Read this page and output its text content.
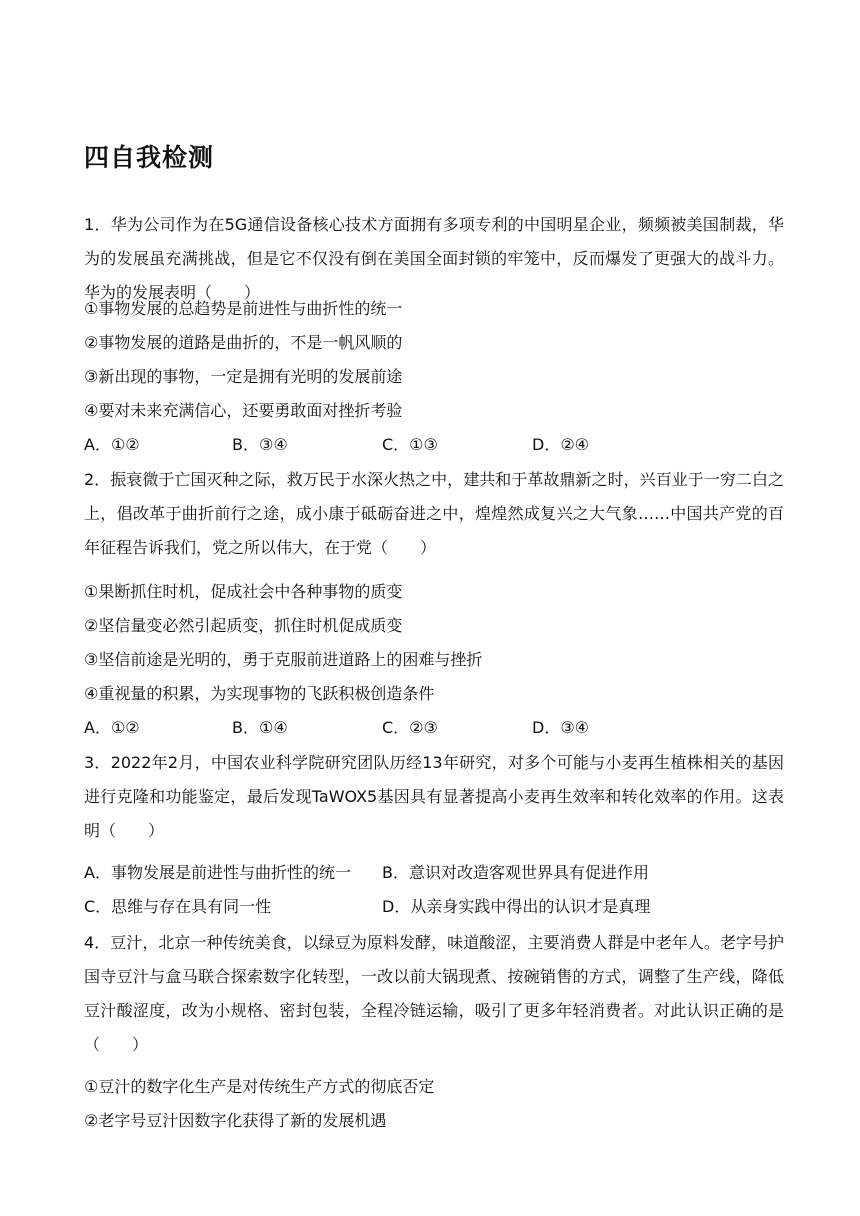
四自我检测
1．华为公司作为在5G通信设备核心技术方面拥有多项专利的中国明星企业，频频被美国制裁，华为的发展虽充满挑战，但是它不仅没有倒在美国全面封锁的牢笼中，反而爆发了更强大的战斗力。华为的发展表明（　　）
①事物发展的总趋势是前进性与曲折性的统一
②事物发展的道路是曲折的，不是一帆风顺的
③新出现的事物，一定是拥有光明的发展前途
④要对未来充满信心，还要勇敢面对挫折考验
A．①②	B．③④	C．①③	D．②④
2．振衰微于亡国灭种之际，救万民于水深火热之中，建共和于革故鼎新之时，兴百业于一穷二白之上，倡改革于曲折前行之途，成小康于砥砺奋进之中，煌煌然成复兴之大气象……中国共产党的百年征程告诉我们，党之所以伟大，在于党（　　）
①果断抓住时机，促成社会中各种事物的质变
②坚信量变必然引起质变，抓住时机促成质变
③坚信前途是光明的，勇于克服前进道路上的困难与挫折
④重视量的积累，为实现事物的飞跃积极创造条件
A．①②	B．①④	C．②③	D．③④
3．2022年2月，中国农业科学院研究团队历经13年研究，对多个可能与小麦再生植株相关的基因进行克隆和功能鉴定，最后发现TaWOX5基因具有显著提高小麦再生效率和转化效率的作用。这表明（　　）
A．事物发展是前进性与曲折性的统一 B．意识对改造客观世界具有促进作用
C．思维与存在具有同一性	D．从亲身实践中得出的认识才是真理
4．豆汁，北京一种传统美食，以绿豆为原料发酵，味道酸涩，主要消费人群是中老年人。老字号护国寺豆汁与盒马联合探索数字化转型，一改以前大锅现煮、按碗销售的方式，调整了生产线，降低豆汁酸涩度，改为小规格、密封包装，全程冷链运输，吸引了更多年轻消费者。对此认识正确的是（　　）
①豆汁的数字化生产是对传统生产方式的彻底否定
②老字号豆汁因数字化获得了新的发展机遇
